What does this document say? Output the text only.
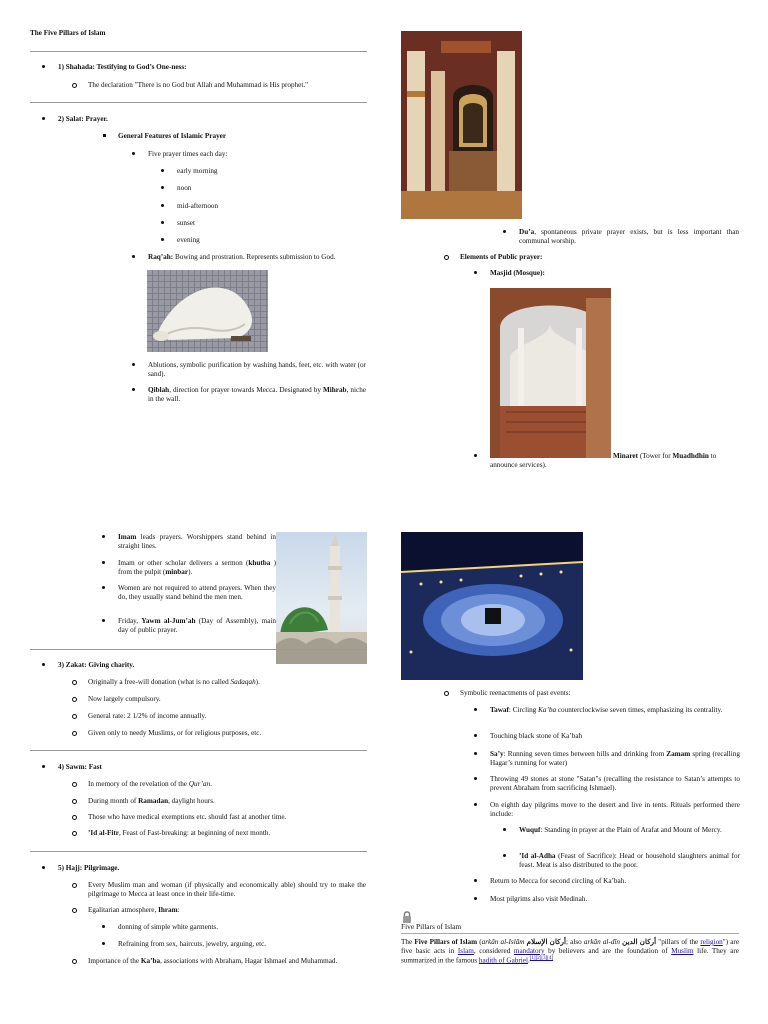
The Five Pillars of Islam
1) Shahada: Testifying to God’s One-ness:
The declaration "There is no God but Allah and Muhammad is His prophet."
2) Salat: Prayer.
General Features of Islamic Prayer
Five prayer times each day:
early morning
noon
mid-afternoon
sunset
evening
Raq’ah: Bowing and prostration. Represents submission to God.
Ablutions, symbolic purification by washing hands, feet, etc. with water (or sand).
Qiblah, direction for prayer towards Mecca. Designated by Mihrab, niche in the wall.
Imam leads prayers. Worshippers stand behind in straight lines.
Imam or other scholar delivers a sermon (khutba ) from the pulpit (minbar).
Women are not required to attend prayers. When they do, they usually stand behind the men men.
Friday, Yawm al-Jum’ah (Day of Assembly), main day of public prayer.
3) Zakat: Giving charity.
Originally a free-will donation (what is no called Sadaqah).
Now largely compulsory.
General rate: 2 1/2% of income annually.
Given only to needy Muslims, or for religious purposes, etc.
4) Sawm: Fast
In memory of the revelation of the Qur’an.
During month of Ramadan, daylight hours.
Those who have medical exemptions etc. should fast at another time.
’Id al-Fitr, Feast of Fast-breaking: at beginning of next month.
5) Hajj: Pilgrimage.
Every Muslim man and woman (if physically and economically able) should try to make the pilgrimage to Mecca at least once in their life-time.
Egalitarian atmosphere, Ihram:
donning of simple white garments.
Refraining from sex, haircuts, jewelry, arguing, etc.
Importance of the Ka’ba, associations with Abraham, Hagar Ishmael and Muhammad.
Du’a, spontaneous private prayer exists, but is less important than communal worship.
Elements of Public prayer:
Masjid (Mosque):
Minaret (Tower for Muadhdhin to announce services).
Symbolic reenactments of past events:
Tawaf: Circling Ka’ba counterclockwise seven times, emphasizing its centrality.
Touching black stone of Ka’bah
Sa’y: Running seven times between hills and drinking from Zamam spring (recalling Hagar’s running for water)
Throwing 49 stones at stone "Satan"s (recalling the resistance to Satan’s attempts to prevent Abraham from sacrificing Ishmael).
On eighth day pilgrims move to the desert and live in tents. Rituals performed there include:
Wuquf: Standing in prayer at the Plain of Arafat and Mount of Mercy.
’Id al-Adha (Feast of Sacrifice): Head or household slaughters animal for feast. Meat is also distributed to the poor.
Return to Mecca for second circling of Ka’bah.
Most pilgrims also visit Medinah.
Five Pillars of Islam
The Five Pillars of Islam (arkān al-Islām أركان الإسلام; also arkān al-dīn أركان الدين "pillars of the religion") are five basic acts in Islam, considered mandatory by believers and are the foundation of Muslim life. They are summarized in the famous hadith of Gabriel.[1][2][3][4]
